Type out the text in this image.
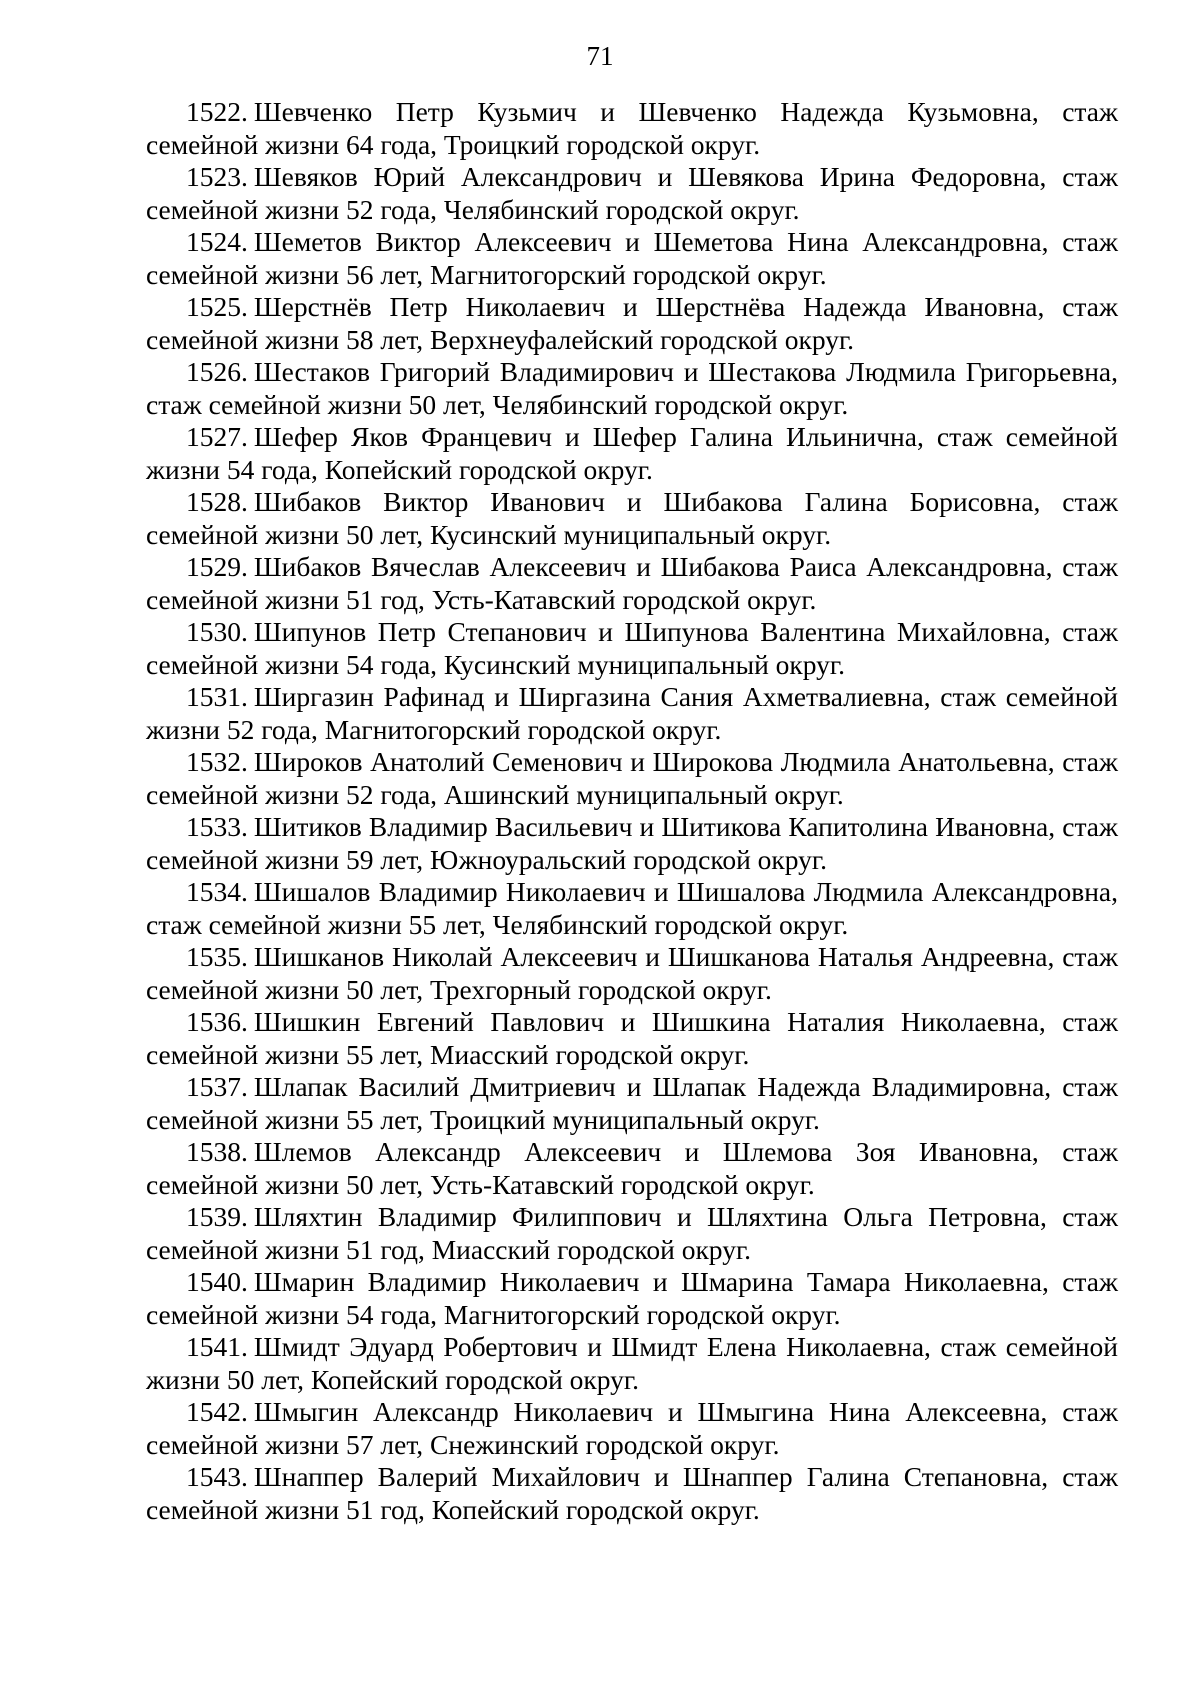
71
1522. Шевченко Петр Кузьмич и Шевченко Надежда Кузьмовна, стаж семейной жизни 64 года, Троицкий городской округ.
1523. Шевяков Юрий Александрович и Шевякова Ирина Федоровна, стаж семейной жизни 52 года, Челябинский городской округ.
1524. Шеметов Виктор Алексеевич и Шеметова Нина Александровна, стаж семейной жизни 56 лет, Магнитогорский городской округ.
1525. Шерстнёв Петр Николаевич и Шерстнёва Надежда Ивановна, стаж семейной жизни 58 лет, Верхнеуфалейский городской округ.
1526. Шестаков Григорий Владимирович и Шестакова Людмила Григорьевна, стаж семейной жизни 50 лет, Челябинский городской округ.
1527. Шефер Яков Францевич и Шефер Галина Ильинична, стаж семейной жизни 54 года, Копейский городской округ.
1528. Шибаков Виктор Иванович и Шибакова Галина Борисовна, стаж семейной жизни 50 лет, Кусинский муниципальный округ.
1529. Шибаков Вячеслав Алексеевич и Шибакова Раиса Александровна, стаж семейной жизни 51 год, Усть-Катавский городской округ.
1530. Шипунов Петр Степанович и Шипунова Валентина Михайловна, стаж семейной жизни 54 года, Кусинский муниципальный округ.
1531. Ширгазин Рафинад и Ширгазина Сания Ахметвалиевна, стаж семейной жизни 52 года, Магнитогорский городской округ.
1532. Широков Анатолий Семенович и Широкова Людмила Анатольевна, стаж семейной жизни 52 года, Ашинский муниципальный округ.
1533. Шитиков Владимир Васильевич и Шитикова Капитолина Ивановна, стаж семейной жизни 59 лет, Южноуральский городской округ.
1534. Шишалов Владимир Николаевич и Шишалова Людмила Александровна, стаж семейной жизни 55 лет, Челябинский городской округ.
1535. Шишканов Николай Алексеевич и Шишканова Наталья Андреевна, стаж семейной жизни 50 лет, Трехгорный городской округ.
1536. Шишкин Евгений Павлович и Шишкина Наталия Николаевна, стаж семейной жизни 55 лет, Миасский городской округ.
1537. Шлапак Василий Дмитриевич и Шлапак Надежда Владимировна, стаж семейной жизни 55 лет, Троицкий муниципальный округ.
1538. Шлемов Александр Алексеевич и Шлемова Зоя Ивановна, стаж семейной жизни 50 лет, Усть-Катавский городской округ.
1539. Шляхтин Владимир Филиппович и Шляхтина Ольга Петровна, стаж семейной жизни 51 год, Миасский городской округ.
1540. Шмарин Владимир Николаевич и Шмарина Тамара Николаевна, стаж семейной жизни 54 года, Магнитогорский городской округ.
1541. Шмидт Эдуард Робертович и Шмидт Елена Николаевна, стаж семейной жизни 50 лет, Копейский городской округ.
1542. Шмыгин Александр Николаевич и Шмыгина Нина Алексеевна, стаж семейной жизни 57 лет, Снежинский городской округ.
1543. Шнаппер Валерий Михайлович и Шнаппер Галина Степановна, стаж семейной жизни 51 год, Копейский городской округ.
